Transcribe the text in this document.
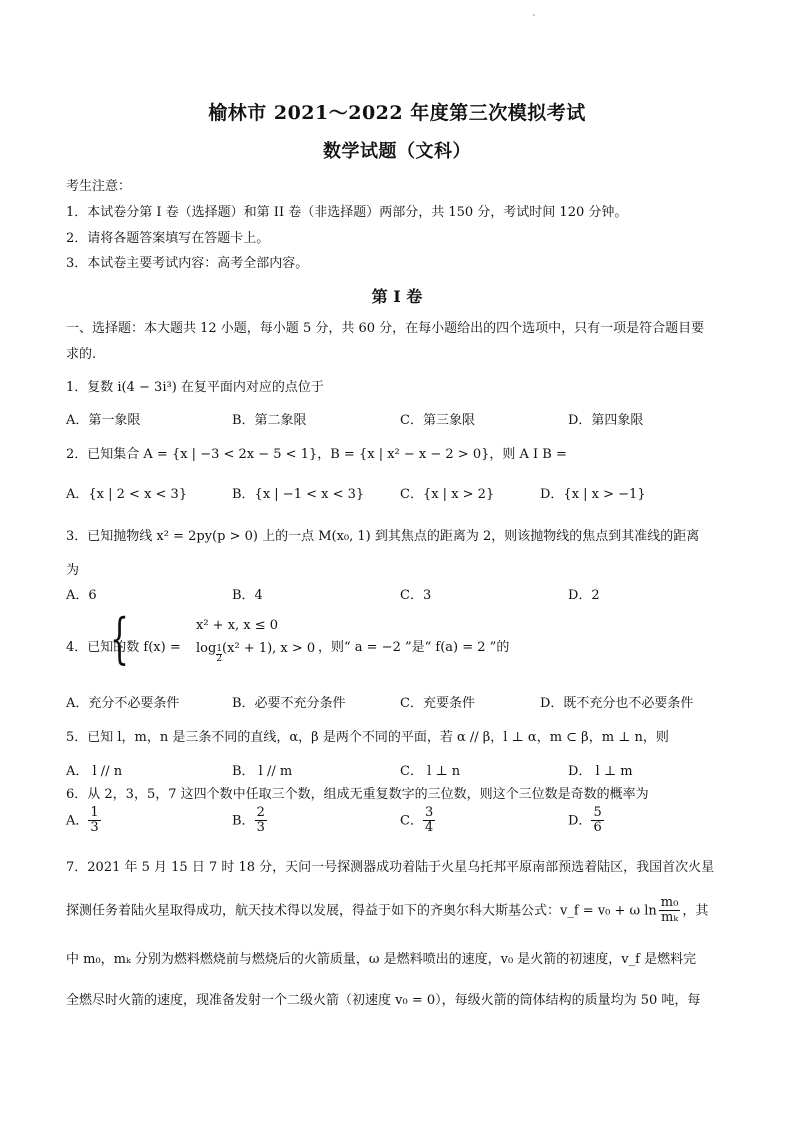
榆林市 2021～2022 年度第三次模拟考试
数学试题（文科）
考生注意：
1．本试卷分第 I 卷（选择题）和第 II 卷（非选择题）两部分，共 150 分，考试时间 120 分钟。
2．请将各题答案填写在答题卡上。
3．本试卷主要考试内容：高考全部内容。
第 I 卷
一、选择题：本大题共 12 小题，每小题 5 分，共 60 分，在每小题给出的四个选项中，只有一项是符合题目要
求的.
1．复数 i(4 − 3i³) 在复平面内对应的点位于
A．第一象限	B．第二象限	C．第三象限	D．第四象限
2．已知集合 A = {x | −3 < 2x − 5 < 1}，B = {x | x² − x − 2 > 0}，则 A I B =
A．{x | 2 < x < 3}	B．{x | −1 < x < 3}	C．{x | x > 2}	D．{x | x > −1}
3．已知抛物线 x² = 2py(p > 0) 上的一点 M(x₀, 1) 到其焦点的距离为 2，则该抛物线的焦点到其准线的距离
为
A．6	B．4	C．3	D．2
4．已知的数 f(x) =
{	x² + x, x ≤ 0
$\log \frac{1}{2} (x^2 + 1)$, x > 0 ，则“ a = −2 ”是“ f(a) = 2 ”的
A．充分不必要条件	B．必要不充分条件	C．充要条件	D．既不充分也不必要条件
5．已知 l，m，n 是三条不同的直线，α，β 是两个不同的平面，若 α // β，l ⊥ α，m ⊂ β，m ⊥ n，则
A． l // n	B． l // m	C． l ⊥ n	D． l ⊥ m
6．从 2，3，5，7 这四个数中任取三个数，组成无重复数字的三位数，则这个三位数是奇数的概率为
A． $\frac{1}{3}$	B． $\frac{2}{3}$	C． $\frac{3}{4}$	D． $\frac{5}{6}$
7．2021 年 5 月 15 日 7 时 18 分，天问一号探测器成功着陆于火星乌托邦平原南部预选着陆区，我国首次火星
探测任务着陆火星取得成功，航天技术得以发展，得益于如下的齐奥尔科大斯基公式：v_f = v₀ + ω $\ln \frac{\text{m₀}}{\text{mₖ}}$ ，其
中 m₀，mₖ 分别为燃料燃烧前与燃烧后的火箭质量，ω 是燃料喷出的速度，v₀ 是火箭的初速度，v_f 是燃料完
全燃尽时火箭的速度，现准备发射一个二级火箭（初速度 v₀ = 0），每级火箭的筒体结构的质量均为 50 吨，每
